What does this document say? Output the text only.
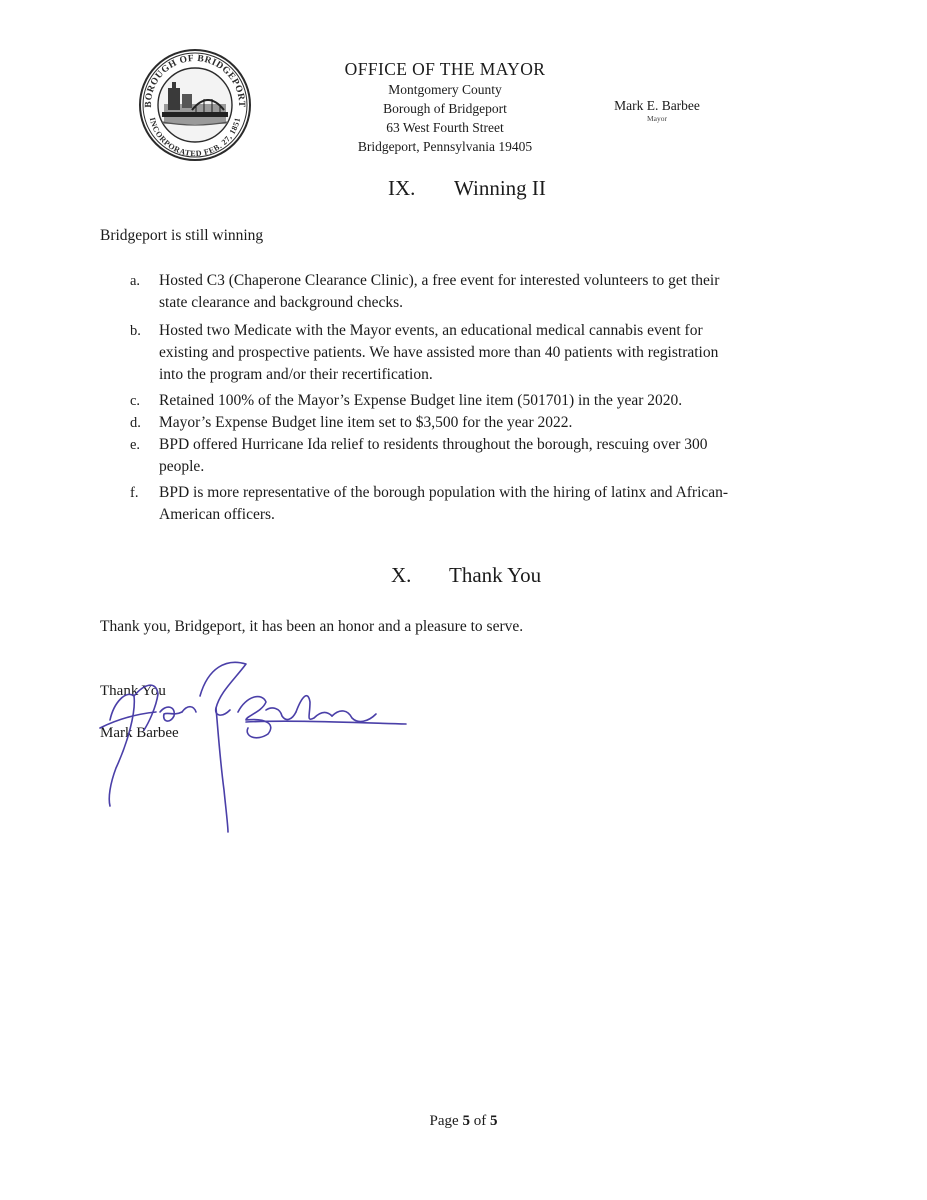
BOROUGH OF BRIDGEPORT
INCORPORATED FEB. 27, 1851
OFFICE OF THE MAYOR
Montgomery County
Borough of Bridgeport
63 West Fourth Street
Bridgeport, Pennsylvania 19405
Mark E. Barbee
Mayor
IX. Winning II
Bridgeport is still winning
a. Hosted C3 (Chaperone Clearance Clinic), a free event for interested volunteers to get their
state clearance and background checks.
b. Hosted two Medicate with the Mayor events, an educational medical cannabis event for
existing and prospective patients. We have assisted more than 40 patients with registration
into the program and/or their recertification.
c. Retained 100% of the Mayor’s Expense Budget line item (501701) in the year 2020.
d. Mayor’s Expense Budget line item set to $3,500 for the year 2022.
e. BPD offered Hurricane Ida relief to residents throughout the borough, rescuing over 300
people.
f. BPD is more representative of the borough population with the hiring of latinx and African-
American officers.
X. Thank You
Thank you, Bridgeport, it has been an honor and a pleasure to serve.
Thank You
Mark Barbee
Page 5 of 5
